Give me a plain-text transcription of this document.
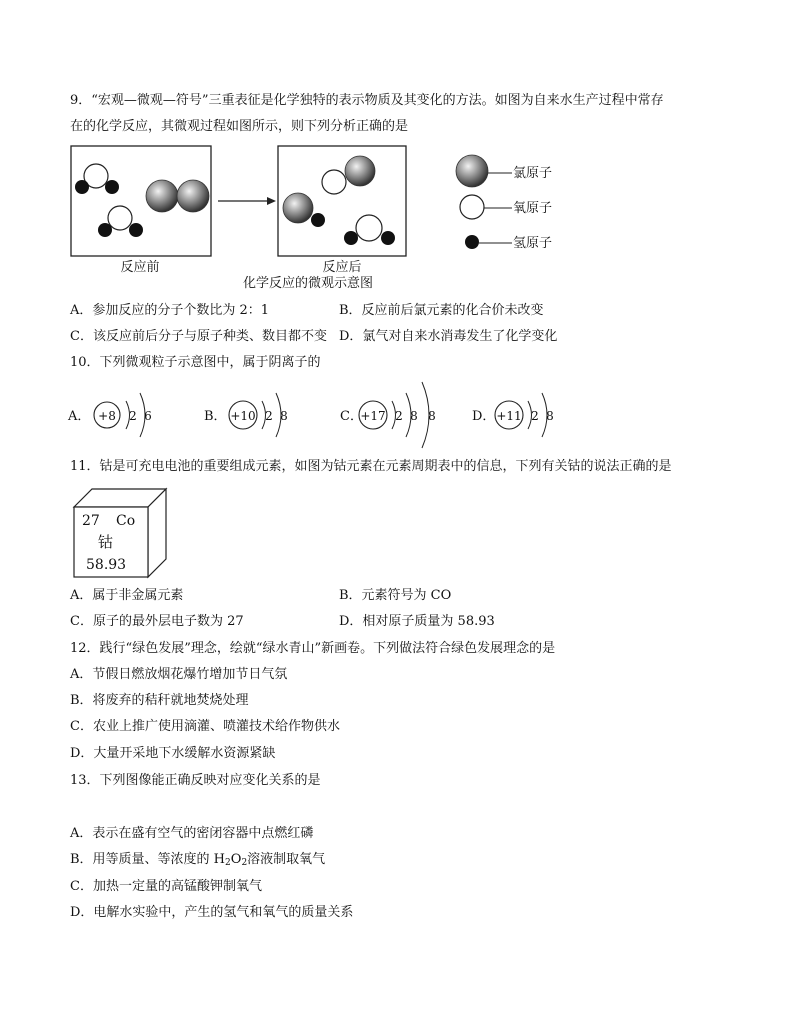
9．“宏观—微观—符号”三重表征是化学独特的表示物质及其变化的方法。如图为自来水生产过程中常存
在的化学反应，其微观过程如图所示，则下列分析正确的是
反应前	反应后
化学反应的微观示意图
氯原子
氧原子
氢原子
A．参加反应的分子个数比为 2：1	B．反应前后氯元素的化合价未改变
C．该反应前后分子与原子种类、数目都不变 D．氯气对自来水消毒发生了化学变化
10．下列微观粒子示意图中，属于阴离子的
A． +8 2 6	B． +10 2 8	C．
+17 2 8 8	D． +11 2 8
11．钴是可充电电池的重要组成元素，如图为钴元素在元素周期表中的信息，下列有关钴的说法正确的是
27 Co
钴
58.93
A．属于非金属元素	B．元素符号为 CO
C．原子的最外层电子数为 27	D．相对原子质量为 58.93
12．践行“绿色发展”理念，绘就“绿水青山”新画卷。下列做法符合绿色发展理念的是
A．节假日燃放烟花爆竹增加节日气氛
B．将废弃的秸秆就地焚烧处理
C．农业上推广使用滴灌、喷灌技术给作物供水
D．大量开采地下水缓解水资源紧缺
13．下列图像能正确反映对应变化关系的是
A．表示在盛有空气的密闭容器中点燃红磷
B．用等质量、等浓度的 $H_2O_2$溶液制取氧气
C．加热一定量的高锰酸钾制氧气
D．电解水实验中，产生的氢气和氧气的质量关系
